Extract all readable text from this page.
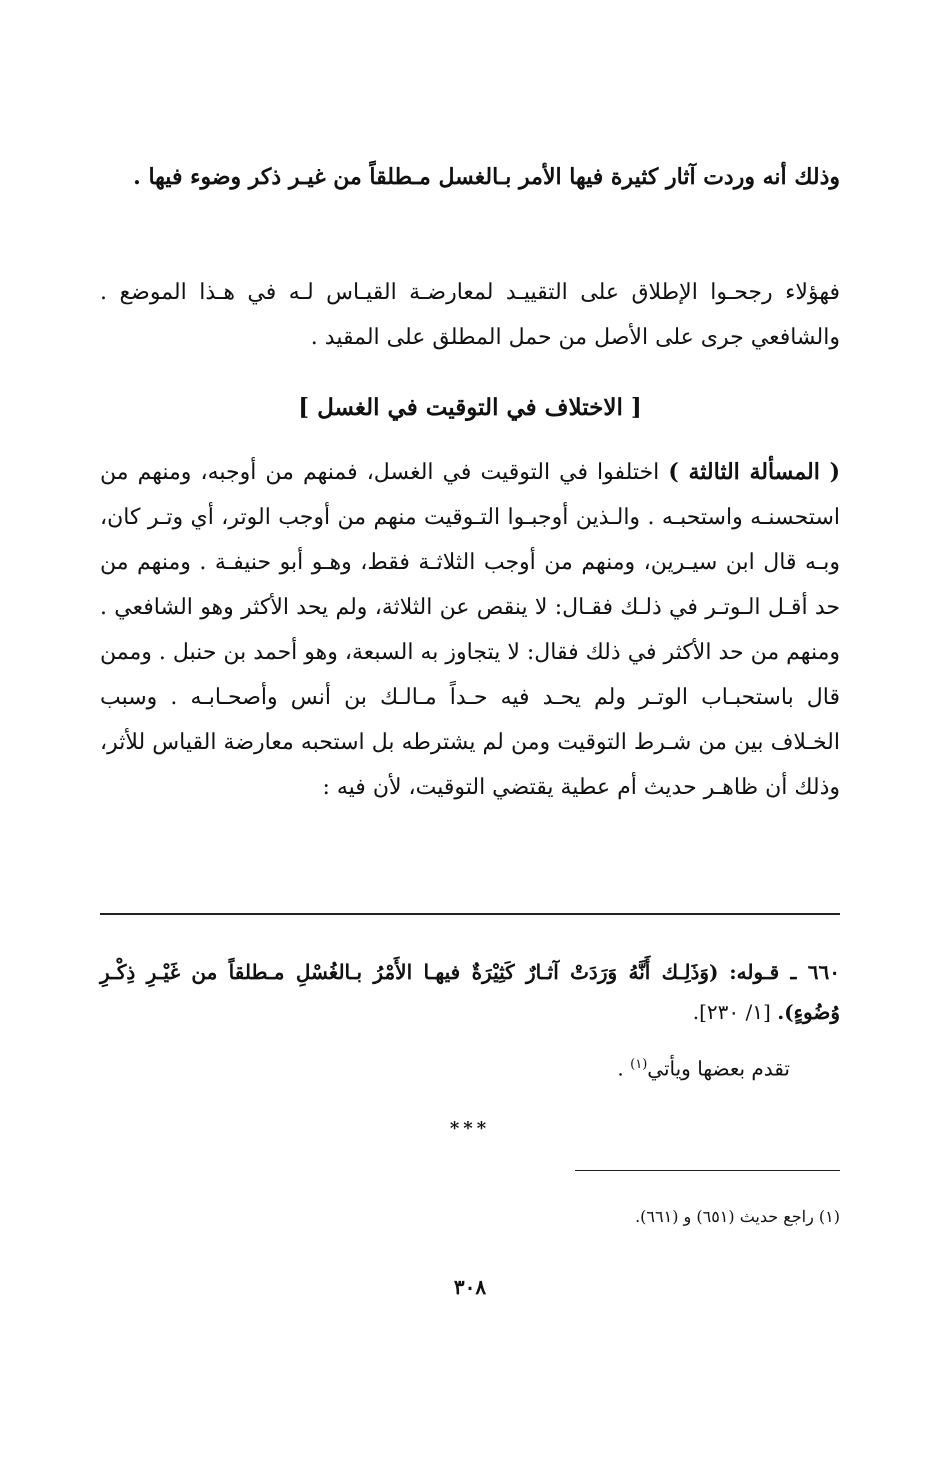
وذلك أنه وردت آثار كثيرة فيها الأمر بـالغسل مـطلقاً من غيـر ذكر وضوء فيها .

فهؤلاء رجحـوا الإطلاق على التقييـد لمعارضـة القيـاس لـه في هـذا الموضع . والشافعي جرى على الأصل من حمل المطلق على المقيد .

[ الاختلاف في التوقيت في الغسل ]

( المسألة الثالثة ) اختلفوا في التوقيت في الغسل، فمنهم من أوجبه، ومنهم من استحسنـه واستحبـه . والـذين أوجبـوا التـوقيت منهم من أوجب الوتر، أي وتـر كان، وبـه قال ابن سيـرين، ومنهم من أوجب الثلاثـة فقط، وهـو أبو حنيفـة . ومنهم من حد أقـل الـوتـر في ذلـك فقـال: لا ينقص عن الثلاثة، ولم يحد الأكثر وهو الشافعي . ومنهم من حد الأكثر في ذلك فقال: لا يتجاوز به السبعة، وهو أحمد بن حنبل . وممن قال باستحبـاب الوتـر ولم يحـد فيه حـداً مـالـك بن أنس وأصحـابـه . وسبب الخـلاف بين من شـرط التوقيت ومن لم يشترطه بل استحبه معارضة القياس للأثر، وذلك أن ظاهـر حديث أم عطية يقتضي التوقيت، لأن فيه :

٦٦٠ ـ قـوله: (وَذَلِـك أَنَّهُ وَرَدَتْ آثـارٌ كَثِيْرَةٌ فيهـا الأَمْرُ بـالغُسْلِ مـطلقاً من غَيْـرِ ذِكْـرِ وُضُوءٍ). [١/ ٢٣٠].

تقدم بعضها ويأتي$^{(١)}$ .
***
(١) راجع حديث (٦٥١) و (٦٦١).
٣٠٨
